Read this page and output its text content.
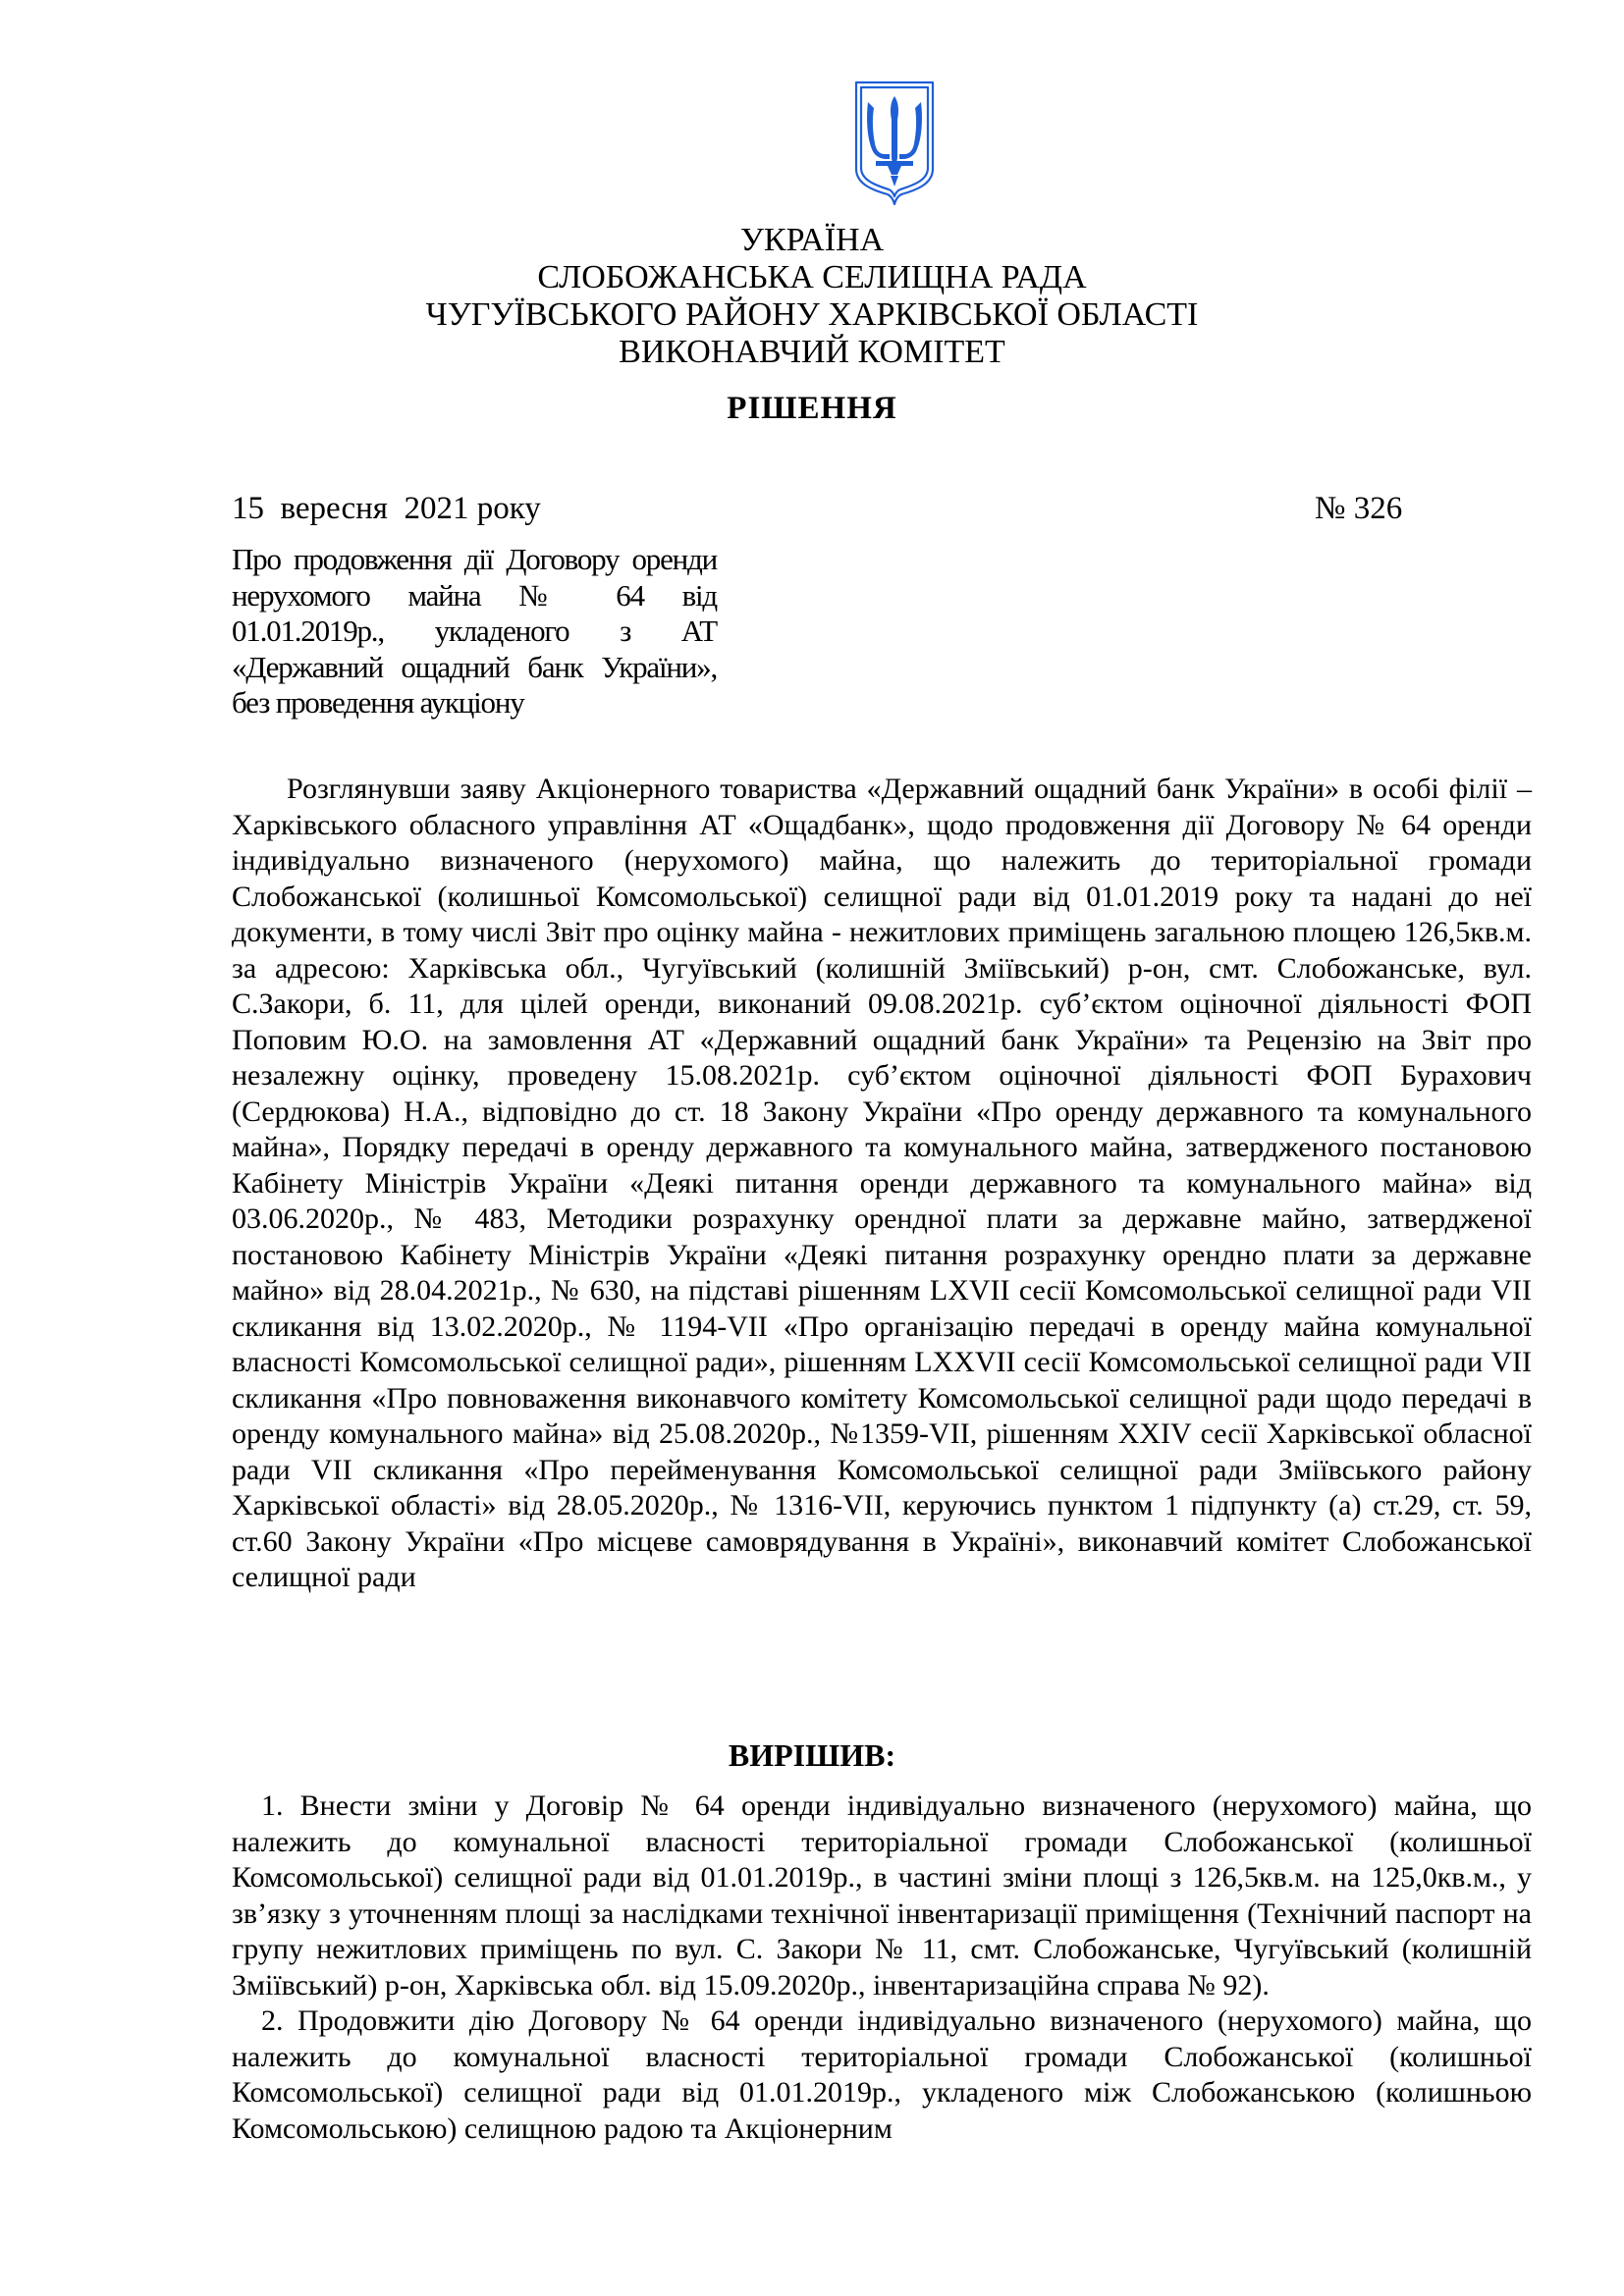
УКРАЇНА
СЛОБОЖАНСЬКА СЕЛИЩНА РАДА
ЧУГУЇВСЬКОГО РАЙОНУ ХАРКІВСЬКОЇ ОБЛАСТІ
ВИКОНАВЧИЙ КОМІТЕТ
РІШЕННЯ
15  вересня  2021 року	№ 326
Про продовження дії Договору оренди
нерухомого майна № 64 від
01.01.2019р., укладеного з АТ
«Державний ощадний банк України»,
без проведення аукціону

Розглянувши заяву Акціонерного товариства «Державний ощадний банк України» в особі філії – Харківського обласного управління АТ «Ощадбанк», щодо продовження дії Договору № 64 оренди індивідуально визначеного (нерухомого) майна, що належить до територіальної громади Слобожанської (колишньої Комсомольської) селищної ради від 01.01.2019 року та надані до неї документи, в тому числі Звіт про оцінку майна - нежитлових приміщень загальною площею 126,5кв.м. за адресою: Харківська обл., Чугуївський (колишній Зміївський) р-он, смт. Слобожанське, вул. С.Закори, б. 11, для цілей оренди, виконаний 09.08.2021р. суб’єктом оціночної діяльності ФОП Поповим Ю.О. на замовлення АТ «Державний ощадний банк України» та Рецензію на Звіт про незалежну оцінку, проведену 15.08.2021р. суб’єктом оціночної діяльності ФОП Бурахович (Сердюкова) Н.А., відповідно до ст. 18 Закону України «Про оренду державного та комунального майна», Порядку передачі в оренду державного та комунального майна, затвердженого постановою Кабінету Міністрів України «Деякі питання оренди державного та комунального майна» від 03.06.2020р., № 483, Методики розрахунку орендної плати за державне майно, затвердженої постановою Кабінету Міністрів України «Деякі питання розрахунку орендно плати за державне майно» від 28.04.2021р., № 630, на підставі рішенням LXVII сесії Комсомольської селищної ради VII скликання від 13.02.2020р., № 1194-VII «Про організацію передачі в оренду майна комунальної власності Комсомольської селищної ради», рішенням LXXVII сесії Комсомольської селищної ради VII скликання «Про повноваження виконавчого комітету Комсомольської селищної ради щодо передачі в оренду комунального майна» від 25.08.2020р., №1359-VII, рішенням XXIV сесії Харківської обласної ради VII скликання «Про перейменування Комсомольської селищної ради Зміївського району Харківської області» від 28.05.2020р., № 1316-VII, керуючись пунктом 1 підпункту (а) ст.29, ст. 59, ст.60 Закону України «Про місцеве самоврядування в Україні», виконавчий комітет Слобожанської селищної ради

ВИРІШИВ:

1. Внести зміни у Договір № 64 оренди індивідуально визначеного (нерухомого) майна, що належить до комунальної власності територіальної громади Слобожанської (колишньої Комсомольської) селищної ради від 01.01.2019р., в частині зміни площі з 126,5кв.м. на 125,0кв.м., у зв’язку з уточненням площі за наслідками технічної інвентаризації приміщення (Технічний паспорт на групу нежитлових приміщень по вул. С. Закори № 11, смт. Слобожанське, Чугуївський (колишній Зміївський) р-он, Харківська обл. від 15.09.2020р., інвентаризаційна справа № 92).

2. Продовжити дію Договору № 64 оренди індивідуально визначеного (нерухомого) майна, що належить до комунальної власності територіальної громади Слобожанської (колишньої Комсомольської) селищної ради від 01.01.2019р., укладеного між Слобожанською (колишньою Комсомольською) селищною радою та Акціонерним
